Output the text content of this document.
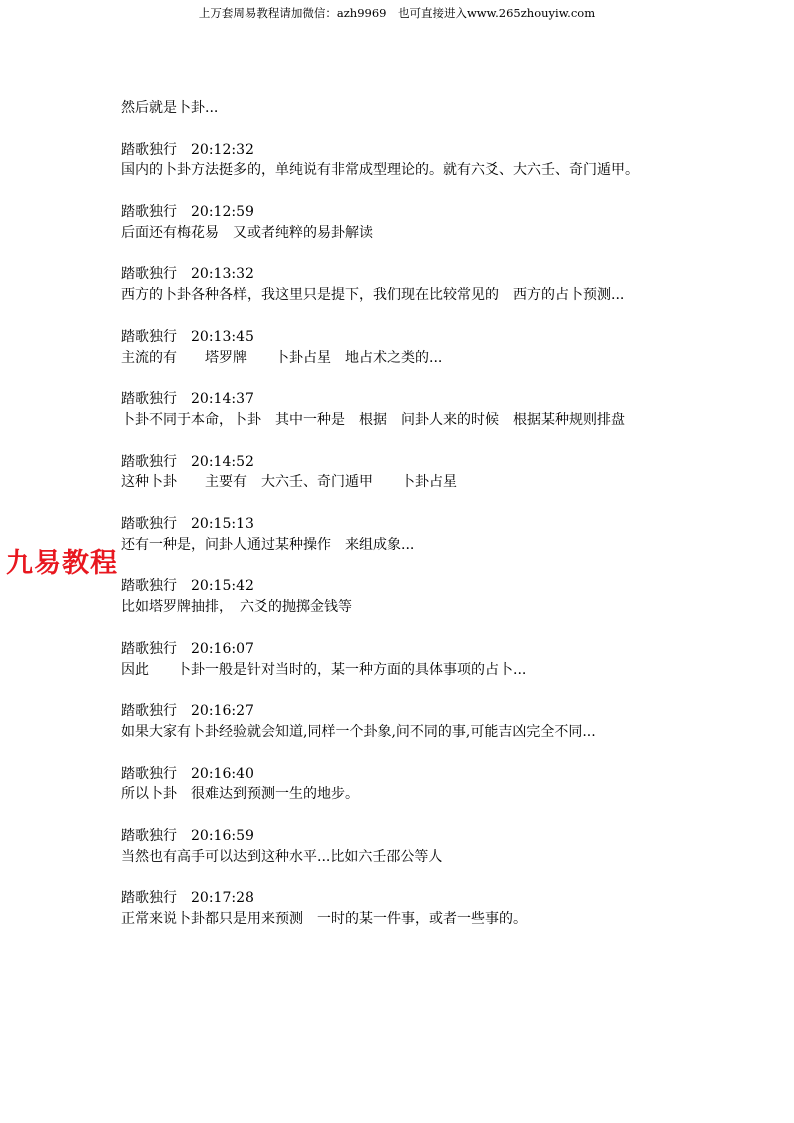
上万套周易教程请加微信：azh9969　也可直接进入www.265zhouyiw.com
然后就是卜卦...
踏歌独行　 20:12:32
国内的卜卦方法挺多的，单纯说有非常成型理论的。就有六爻、大六壬、奇门遁甲。
踏歌独行　 20:12:59
后面还有梅花易　又或者纯粹的易卦解读
踏歌独行　 20:13:32
西方的卜卦各种各样，我这里只是提下，我们现在比较常见的　西方的占卜预测...
踏歌独行　 20:13:45
主流的有　　塔罗牌　　卜卦占星　地占术之类的...
踏歌独行　 20:14:37
卜卦不同于本命，卜卦　其中一种是　根据　问卦人来的时候　根据某种规则排盘
踏歌独行　 20:14:52
这种卜卦　　主要有　大六壬、奇门遁甲　　卜卦占星
踏歌独行　 20:15:13
还有一种是，问卦人通过某种操作　来组成象...
踏歌独行　 20:15:42
比如塔罗牌抽排，　六爻的抛掷金钱等
踏歌独行　 20:16:07
因此　　卜卦一般是针对当时的，某一种方面的具体事项的占卜...
踏歌独行　 20:16:27
如果大家有卜卦经验就会知道,同样一个卦象,问不同的事,可能吉凶完全不同...
踏歌独行　 20:16:40
所以卜卦　很难达到预测一生的地步。
踏歌独行　 20:16:59
当然也有高手可以达到这种水平...比如六壬邵公等人
踏歌独行　 20:17:28
正常来说卜卦都只是用来预测　一时的某一件事，或者一些事的。
九易教程
